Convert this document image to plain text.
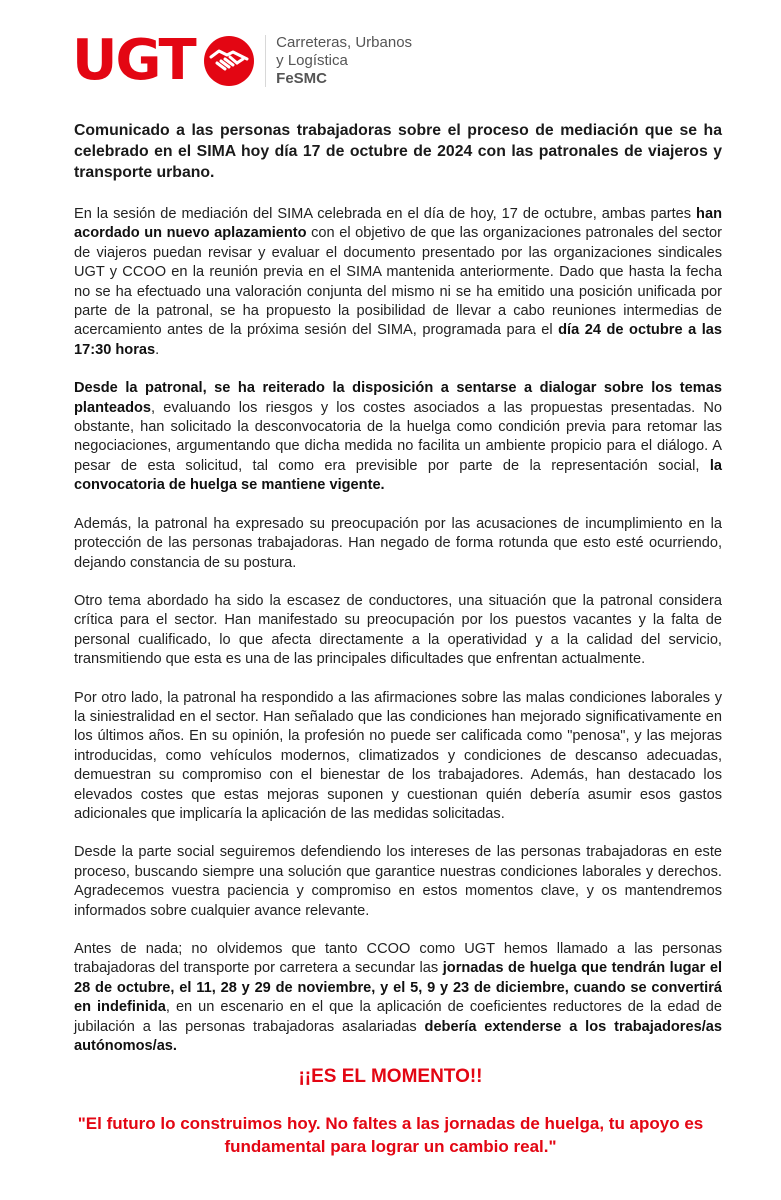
UGT	Carreteras, Urbanos
y Logística
FeSMC

Comunicado a las personas trabajadoras sobre el proceso de mediación que se ha celebrado en el SIMA hoy día 17 de octubre de 2024 con las patronales de viajeros y transporte urbano.

En la sesión de mediación del SIMA celebrada en el día de hoy, 17 de octubre, ambas partes han acordado un nuevo aplazamiento con el objetivo de que las organizaciones patronales del sector de viajeros puedan revisar y evaluar el documento presentado por las organizaciones sindicales UGT y CCOO en la reunión previa en el SIMA mantenida anteriormente. Dado que hasta la fecha no se ha efectuado una valoración conjunta del mismo ni se ha emitido una posición unificada por parte de la patronal, se ha propuesto la posibilidad de llevar a cabo reuniones intermedias de acercamiento antes de la próxima sesión del SIMA, programada para el día 24 de octubre a las 17:30 horas.

Desde la patronal, se ha reiterado la disposición a sentarse a dialogar sobre los temas planteados, evaluando los riesgos y los costes asociados a las propuestas presentadas. No obstante, han solicitado la desconvocatoria de la huelga como condición previa para retomar las negociaciones, argumentando que dicha medida no facilita un ambiente propicio para el diálogo. A pesar de esta solicitud, tal como era previsible por parte de la representación social, la convocatoria de huelga se mantiene vigente.

Además, la patronal ha expresado su preocupación por las acusaciones de incumplimiento en la protección de las personas trabajadoras. Han negado de forma rotunda que esto esté ocurriendo, dejando constancia de su postura.

Otro tema abordado ha sido la escasez de conductores, una situación que la patronal considera crítica para el sector. Han manifestado su preocupación por los puestos vacantes y la falta de personal cualificado, lo que afecta directamente a la operatividad y a la calidad del servicio, transmitiendo que esta es una de las principales dificultades que enfrentan actualmente.

Por otro lado, la patronal ha respondido a las afirmaciones sobre las malas condiciones laborales y la siniestralidad en el sector. Han señalado que las condiciones han mejorado significativamente en los últimos años. En su opinión, la profesión no puede ser calificada como "penosa", y las mejoras introducidas, como vehículos modernos, climatizados y condiciones de descanso adecuadas, demuestran su compromiso con el bienestar de los trabajadores. Además, han destacado los elevados costes que estas mejoras suponen y cuestionan quién debería asumir esos gastos adicionales que implicaría la aplicación de las medidas solicitadas.

Desde la parte social seguiremos defendiendo los intereses de las personas trabajadoras en este proceso, buscando siempre una solución que garantice nuestras condiciones laborales y derechos. Agradecemos vuestra paciencia y compromiso en estos momentos clave, y os mantendremos informados sobre cualquier avance relevante.

Antes de nada; no olvidemos que tanto CCOO como UGT hemos llamado a las personas trabajadoras del transporte por carretera a secundar las jornadas de huelga que tendrán lugar el 28 de octubre, el 11, 28 y 29 de noviembre, y el 5, 9 y 23 de diciembre, cuando se convertirá en indefinida, en un escenario en el que la aplicación de coeficientes reductores de la edad de jubilación a las personas trabajadoras asalariadas debería extenderse a los trabajadores/as autónomos/as.

¡¡ES EL MOMENTO!!
"El futuro lo construimos hoy. No faltes a las jornadas de huelga, tu apoyo es fundamental para lograr un cambio real."
